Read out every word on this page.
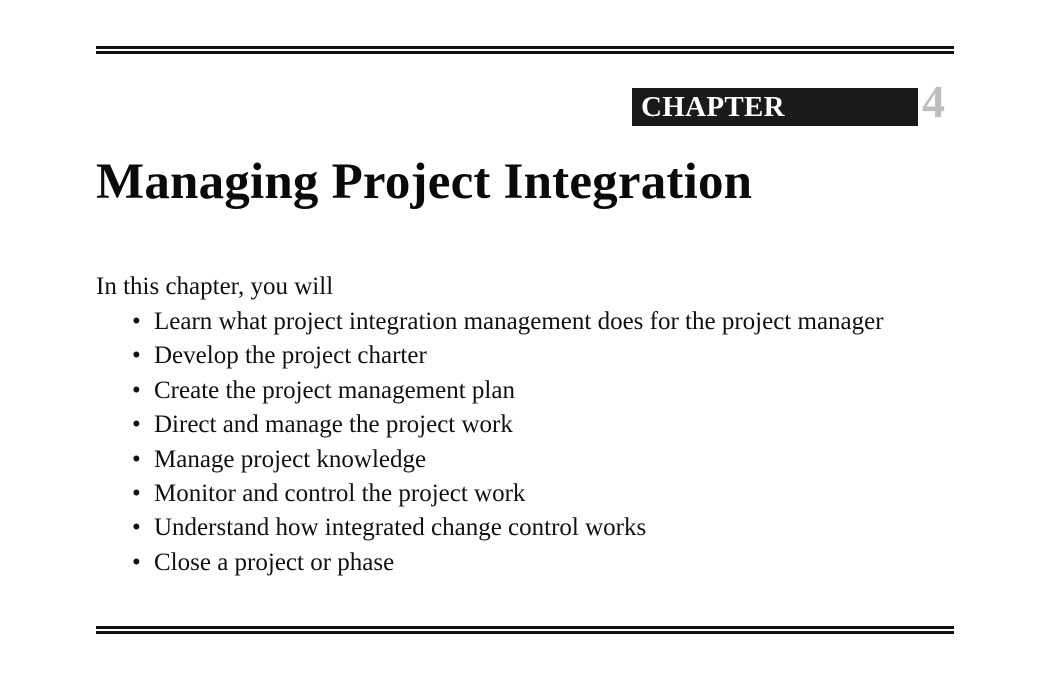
CHAPTER	4
Managing Project Integration
In this chapter, you will
• Learn what project integration management does for the project manager
• Develop the project charter
• Create the project management plan
• Direct and manage the project work
• Manage project knowledge
• Monitor and control the project work
• Understand how integrated change control works
• Close a project or phase
